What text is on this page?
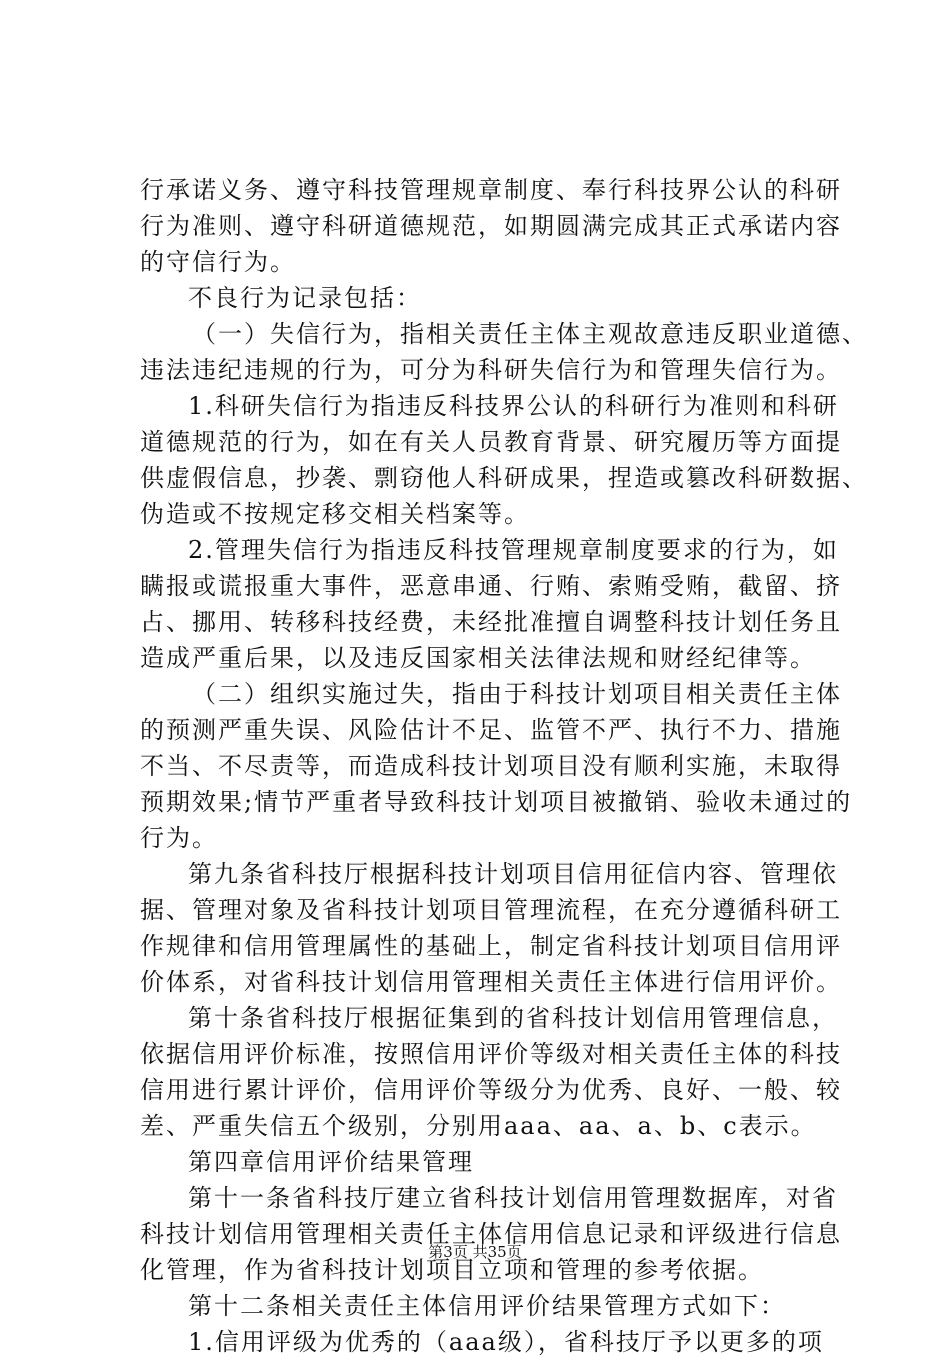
行承诺义务、遵守科技管理规章制度、奉行科技界公认的科研
行为准则、遵守科研道德规范，如期圆满完成其正式承诺内容
的守信行为。
不良行为记录包括：
（一）失信行为，指相关责任主体主观故意违反职业道德、
违法违纪违规的行为，可分为科研失信行为和管理失信行为。
1.科研失信行为指违反科技界公认的科研行为准则和科研
道德规范的行为，如在有关人员教育背景、研究履历等方面提
供虚假信息，抄袭、剽窃他人科研成果，捏造或篡改科研数据、
伪造或不按规定移交相关档案等。
2.管理失信行为指违反科技管理规章制度要求的行为，如
瞒报或谎报重大事件，恶意串通、行贿、索贿受贿，截留、挤
占、挪用、转移科技经费，未经批准擅自调整科技计划任务且
造成严重后果，以及违反国家相关法律法规和财经纪律等。
（二）组织实施过失，指由于科技计划项目相关责任主体
的预测严重失误、风险估计不足、监管不严、执行不力、措施
不当、不尽责等，而造成科技计划项目没有顺利实施，未取得
预期效果;情节严重者导致科技计划项目被撤销、验收未通过的
行为。
第九条省科技厅根据科技计划项目信用征信内容、管理依
据、管理对象及省科技计划项目管理流程，在充分遵循科研工
作规律和信用管理属性的基础上，制定省科技计划项目信用评
价体系，对省科技计划信用管理相关责任主体进行信用评价。
第十条省科技厅根据征集到的省科技计划信用管理信息，
依据信用评价标准，按照信用评价等级对相关责任主体的科技
信用进行累计评价，信用评价等级分为优秀、良好、一般、较
差、严重失信五个级别，分别用aaa、aa、a、b、c表示。
第四章信用评价结果管理
第十一条省科技厅建立省科技计划信用管理数据库，对省
科技计划信用管理相关责任主体信用信息记录和评级进行信息
化管理，作为省科技计划项目立项和管理的参考依据。
第十二条相关责任主体信用评价结果管理方式如下：
1.信用评级为优秀的（aaa级），省科技厅予以更多的项
第3页 共35页
